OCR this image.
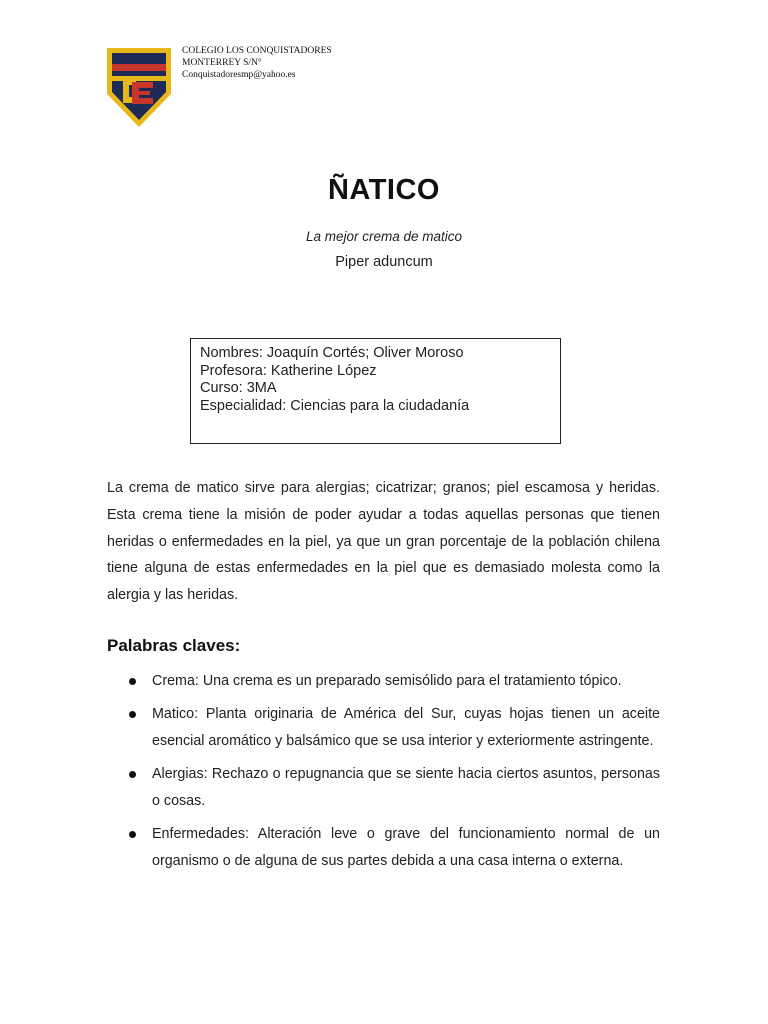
COLEGIO LOS CONQUISTADORES
MONTERREY S/N°
Conquistadoresmp@yahoo.es
ÑATICO
La mejor crema de matico
Piper aduncum
Nombres: Joaquín Cortés; Oliver Moroso
Profesora: Katherine López
Curso: 3MA
Especialidad: Ciencias para la ciudadanía

La crema de matico sirve para alergias; cicatrizar; granos; piel escamosa y heridas. Esta crema tiene la misión de poder ayudar a todas aquellas personas que tienen heridas o enfermedades en la piel, ya que un gran porcentaje de la población chilena tiene alguna de estas enfermedades en la piel que es demasiado molesta como la alergia y las heridas.

Palabras claves:
Crema: Una crema es un preparado semisólido para el tratamiento tópico.
Matico: Planta originaria de América del Sur, cuyas hojas tienen un aceite esencial aromático y balsámico que se usa interior y exteriormente astringente.
Alergias: Rechazo o repugnancia que se siente hacia ciertos asuntos, personas o cosas.
Enfermedades: Alteración leve o grave del funcionamiento normal de un organismo o de alguna de sus partes debida a una casa interna o externa.
